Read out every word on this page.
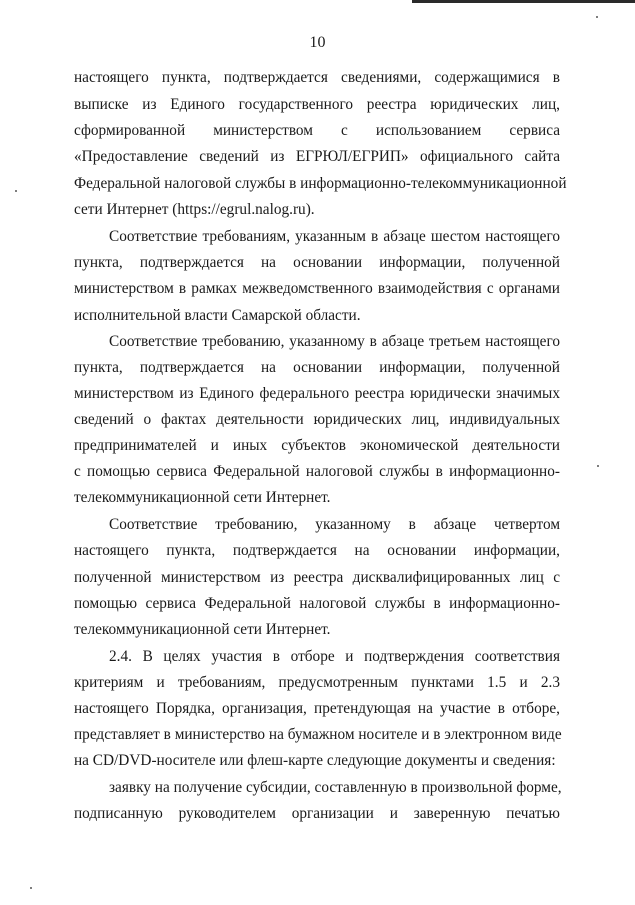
10
настоящего пункта, подтверждается сведениями, содержащимися в
выписке из Единого государственного реестра юридических лиц,
сформированной министерством с использованием сервиса
«Предоставление сведений из ЕГРЮЛ/ЕГРИП» официального сайта
Федеральной налоговой службы в информационно-телекоммуникационной
сети Интернет (https://egrul.nalog.ru).
Соответствие требованиям, указанным в абзаце шестом настоящего
пункта, подтверждается на основании информации, полученной
министерством в рамках межведомственного взаимодействия с органами
исполнительной власти Самарской области.
Соответствие требованию, указанному в абзаце третьем настоящего
пункта, подтверждается на основании информации, полученной
министерством из Единого федерального реестра юридически значимых
сведений о фактах деятельности юридических лиц, индивидуальных
предпринимателей и иных субъектов экономической деятельности
с помощью сервиса Федеральной налоговой службы в информационно-
телекоммуникационной сети Интернет.
Соответствие требованию, указанному в абзаце четвертом
настоящего пункта, подтверждается на основании информации,
полученной министерством из реестра дисквалифицированных лиц с
помощью сервиса Федеральной налоговой службы в информационно-
телекоммуникационной сети Интернет.
2.4. В целях участия в отборе и подтверждения соответствия
критериям и требованиям, предусмотренным пунктами 1.5 и 2.3
настоящего Порядка, организация, претендующая на участие в отборе,
представляет в министерство на бумажном носителе и в электронном виде
на CD/DVD-носителе или флеш-карте следующие документы и сведения:
заявку на получение субсидии, составленную в произвольной форме,
подписанную руководителем организации и заверенную печатью
